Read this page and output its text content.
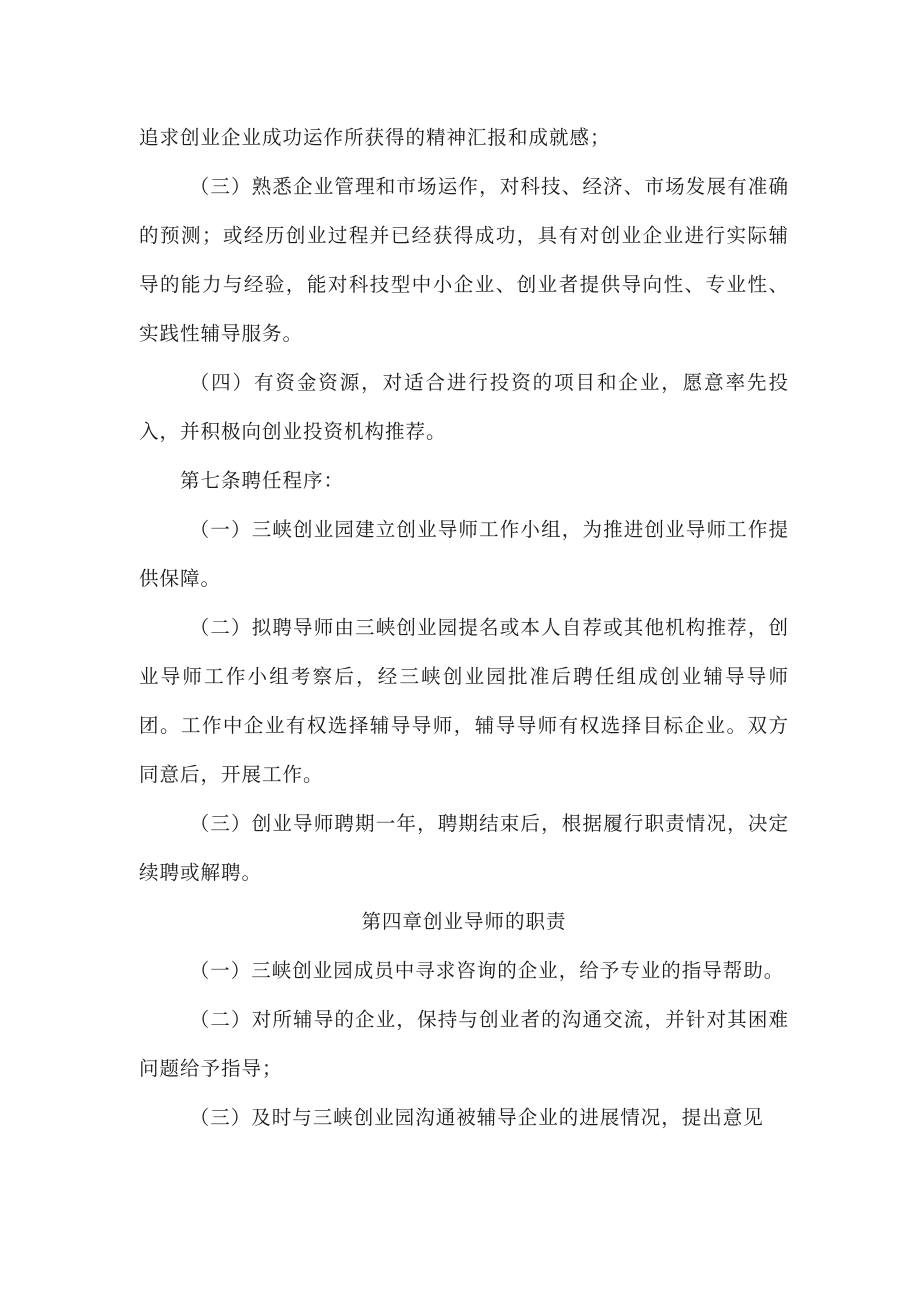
追求创业企业成功运作所获得的精神汇报和成就感；

（三）熟悉企业管理和市场运作，对科技、经济、市场发展有准确的预测；或经历创业过程并已经获得成功，具有对创业企业进行实际辅导的能力与经验，能对科技型中小企业、创业者提供导向性、专业性、实践性辅导服务。

（四）有资金资源，对适合进行投资的项目和企业，愿意率先投入，并积极向创业投资机构推荐。

第七条聘任程序：

（一）三峡创业园建立创业导师工作小组，为推进创业导师工作提供保障。

（二）拟聘导师由三峡创业园提名或本人自荐或其他机构推荐，创业导师工作小组考察后，经三峡创业园批准后聘任组成创业辅导导师团。工作中企业有权选择辅导导师，辅导导师有权选择目标企业。双方同意后，开展工作。

（三）创业导师聘期一年，聘期结束后，根据履行职责情况，决定续聘或解聘。

第四章创业导师的职责

（一）三峡创业园成员中寻求咨询的企业，给予专业的指导帮助。

（二）对所辅导的企业，保持与创业者的沟通交流，并针对其困难问题给予指导；

（三）及时与三峡创业园沟通被辅导企业的进展情况，提出意见
